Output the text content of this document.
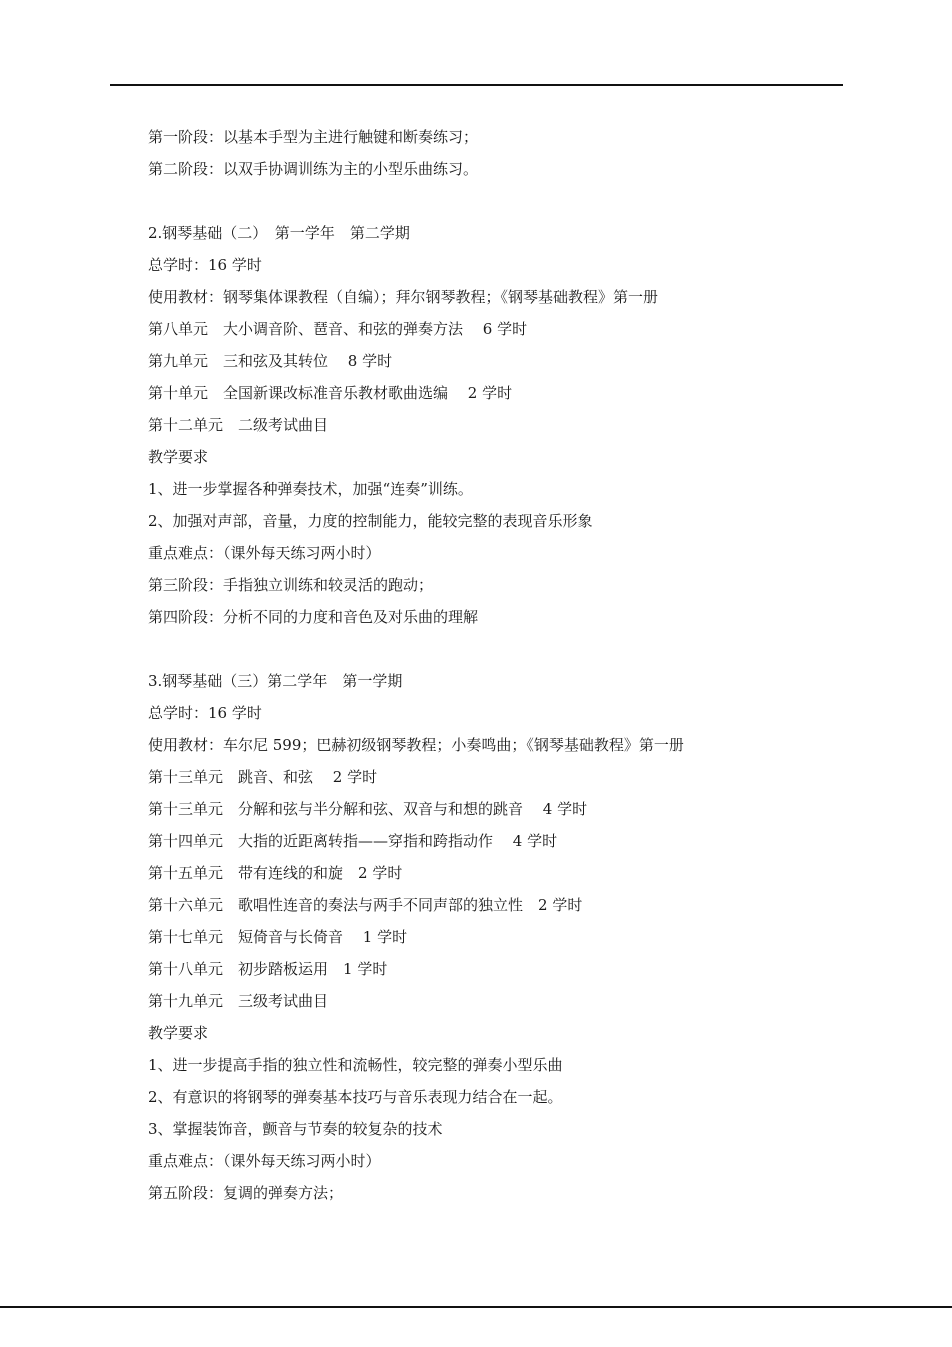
第一阶段：以基本手型为主进行触键和断奏练习；
第二阶段：以双手协调训练为主的小型乐曲练习。
2.钢琴基础（二）　第一学年　第二学期
总学时：16 学时
使用教材：钢琴集体课教程（自编）；拜尔钢琴教程；《钢琴基础教程》第一册
第八单元　大小调音阶、琶音、和弦的弹奏方法　 6 学时
第九单元　三和弦及其转位　 8 学时
第十单元　全国新课改标准音乐教材歌曲选编　 2 学时
第十二单元　二级考试曲目
教学要求
1、进一步掌握各种弹奏技术，加强“连奏”训练。
2、加强对声部，音量，力度的控制能力，能较完整的表现音乐形象
重点难点：（课外每天练习两小时）
第三阶段：手指独立训练和较灵活的跑动；
第四阶段：分析不同的力度和音色及对乐曲的理解
3.钢琴基础（三）第二学年　第一学期
总学时：16 学时
使用教材：车尔尼 599；巴赫初级钢琴教程；小奏鸣曲；《钢琴基础教程》第一册
第十三单元　跳音、和弦　 2 学时
第十三单元　分解和弦与半分解和弦、双音与和想的跳音　 4 学时
第十四单元　大指的近距离转指——穿指和跨指动作　 4 学时
第十五单元　带有连线的和旋　2 学时
第十六单元　歌唱性连音的奏法与两手不同声部的独立性　2 学时
第十七单元　短倚音与长倚音　 1 学时
第十八单元　初步踏板运用　1 学时
第十九单元　三级考试曲目
教学要求
1、进一步提高手指的独立性和流畅性，较完整的弹奏小型乐曲
2、有意识的将钢琴的弹奏基本技巧与音乐表现力结合在一起。
3、掌握装饰音，颤音与节奏的较复杂的技术
重点难点：（课外每天练习两小时）
第五阶段：复调的弹奏方法；
